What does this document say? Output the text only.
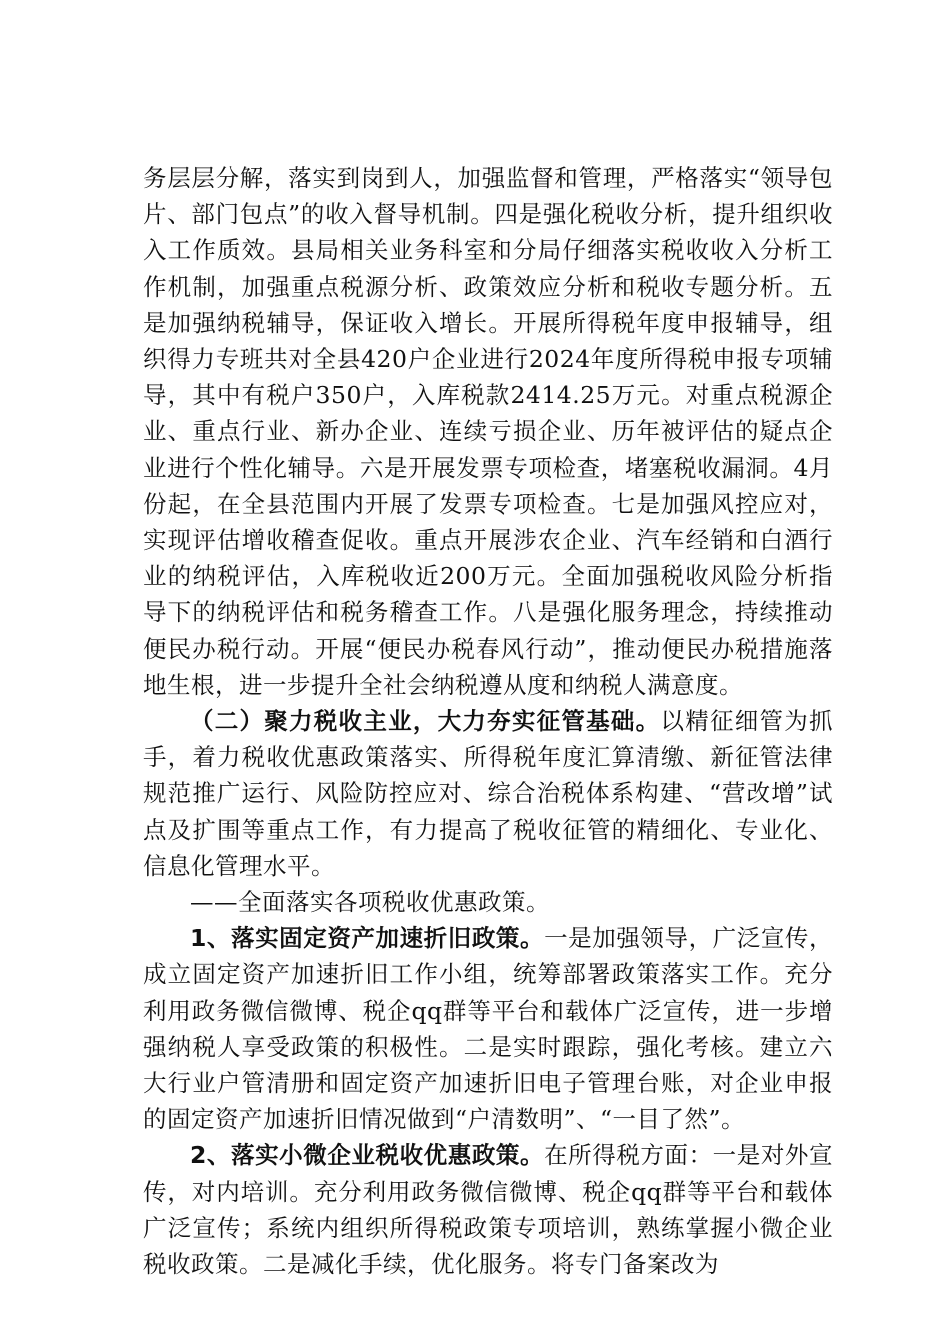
务层层分解，落实到岗到人，加强监督和管理，严格落实“领导包片、部门包点”的收入督导机制。四是强化税收分析，提升组织收入工作质效。县局相关业务科室和分局仔细落实税收收入分析工作机制，加强重点税源分析、政策效应分析和税收专题分析。五是加强纳税辅导，保证收入增长。开展所得税年度申报辅导，组织得力专班共对全县420户企业进行2024年度所得税申报专项辅导，其中有税户350户，入库税款2414.25万元。对重点税源企业、重点行业、新办企业、连续亏损企业、历年被评估的疑点企业进行个性化辅导。六是开展发票专项检查，堵塞税收漏洞。4月份起，在全县范围内开展了发票专项检查。七是加强风控应对，实现评估增收稽查促收。重点开展涉农企业、汽车经销和白酒行业的纳税评估，入库税收近200万元。全面加强税收风险分析指导下的纳税评估和税务稽查工作。八是强化服务理念，持续推动便民办税行动。开展“便民办税春风行动”，推动便民办税措施落地生根，进一步提升全社会纳税遵从度和纳税人满意度。

（二）聚力税收主业，大力夯实征管基础。以精征细管为抓手，着力税收优惠政策落实、所得税年度汇算清缴、新征管法律规范推广运行、风险防控应对、综合治税体系构建、“营改增”试点及扩围等重点工作，有力提高了税收征管的精细化、专业化、信息化管理水平。

——全面落实各项税收优惠政策。

1、落实固定资产加速折旧政策。一是加强领导，广泛宣传，成立固定资产加速折旧工作小组，统筹部署政策落实工作。充分利用政务微信微博、税企qq群等平台和载体广泛宣传，进一步增强纳税人享受政策的积极性。二是实时跟踪，强化考核。建立六大行业户管清册和固定资产加速折旧电子管理台账，对企业申报的固定资产加速折旧情况做到“户清数明”、“一目了然”。

2、落实小微企业税收优惠政策。在所得税方面：一是对外宣传，对内培训。充分利用政务微信微博、税企qq群等平台和载体广泛宣传；系统内组织所得税政策专项培训，熟练掌握小微企业税收政策。二是减化手续，优化服务。将专门备案改为
